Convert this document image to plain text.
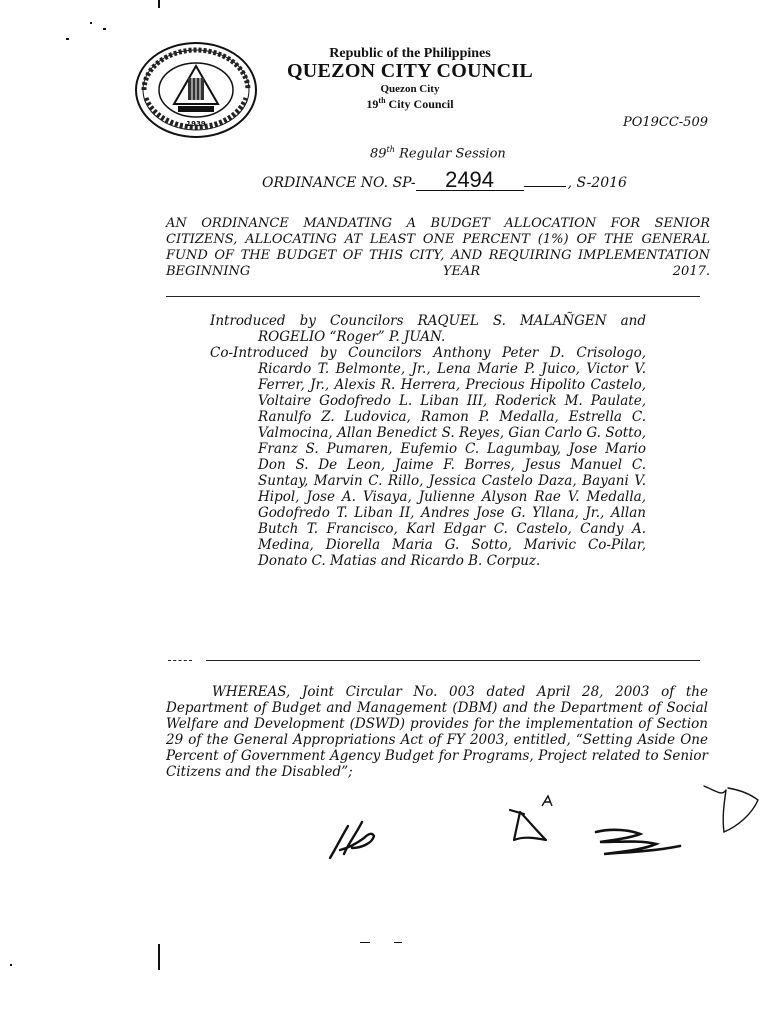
1939
Republic of the Philippines
QUEZON CITY COUNCIL
Quezon City
19th City Council
PO19CC-509
89th Regular Session
ORDINANCE NO. SP- 2494	, S-2016
AN ORDINANCE MANDATING A BUDGET ALLOCATION FOR SENIOR CITIZENS, ALLOCATING AT LEAST ONE PERCENT (1%) OF THE GENERAL FUND OF THE BUDGET OF THIS CITY, AND REQUIRING IMPLEMENTATION BEGINNING YEAR 2017.

Introduced by Councilors RAQUEL S. MALAÑGEN and ROGELIO “Roger” P. JUAN.

Co-Introduced by Councilors Anthony Peter D. Crisologo, Ricardo T. Belmonte, Jr., Lena Marie P. Juico, Victor V. Ferrer, Jr., Alexis R. Herrera, Precious Hipolito Castelo, Voltaire Godofredo L. Liban III, Roderick M. Paulate, Ranulfo Z. Ludovica, Ramon P. Medalla, Estrella C. Valmocina, Allan Benedict S. Reyes, Gian Carlo G. Sotto, Franz S. Pumaren, Eufemio C. Lagumbay, Jose Mario Don S. De Leon, Jaime F. Borres, Jesus Manuel C. Suntay, Marvin C. Rillo, Jessica Castelo Daza, Bayani V. Hipol, Jose A. Visaya, Julienne Alyson Rae V. Medalla, Godofredo T. Liban II, Andres Jose G. Yllana, Jr., Allan Butch T. Francisco, Karl Edgar C. Castelo, Candy A. Medina, Diorella Maria G. Sotto, Marivic Co-Pilar, Donato C. Matias and Ricardo B. Corpuz.

WHEREAS, Joint Circular No. 003 dated April 28, 2003 of the Department of Budget and Management (DBM) and the Department of Social Welfare and Development (DSWD) provides for the implementation of Section 29 of the General Appropriations Act of FY 2003, entitled, “Setting Aside One Percent of Government Agency Budget for Programs, Project related to Senior Citizens and the Disabled”;
